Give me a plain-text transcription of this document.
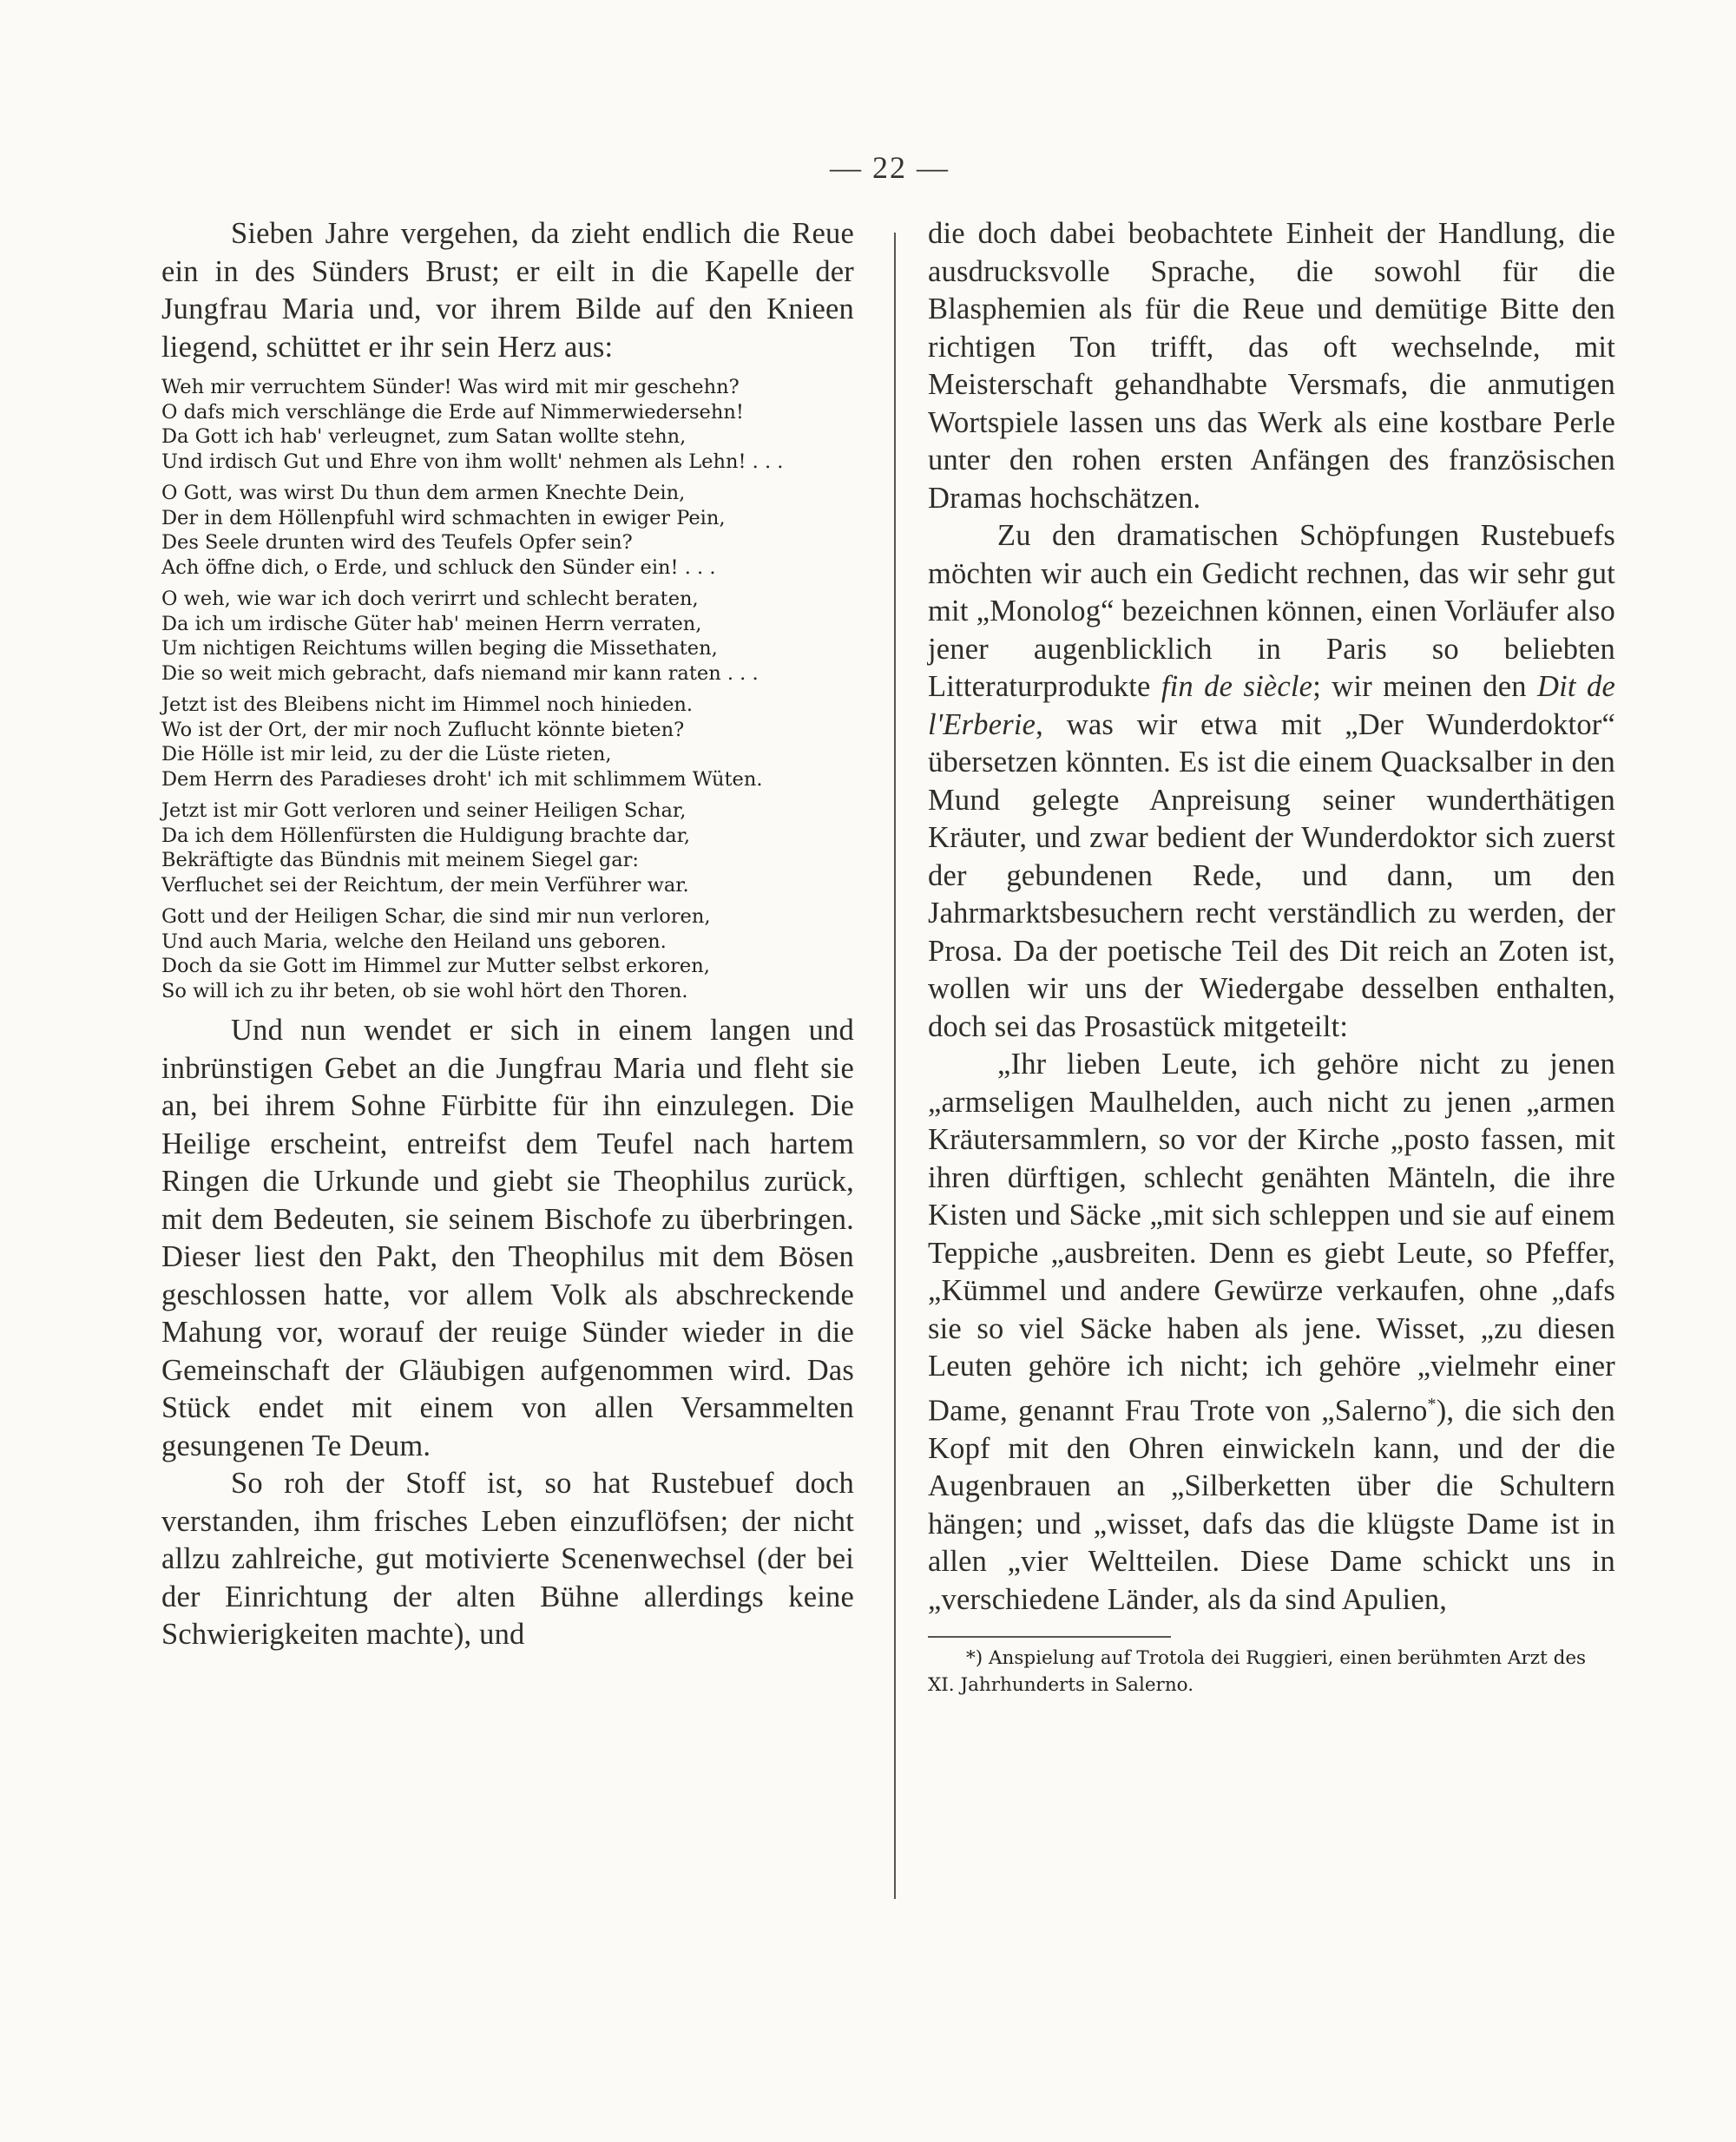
— 22 —

Sieben Jahre vergehen, da zieht endlich die Reue ein in des Sünders Brust; er eilt in die Kapelle der Jungfrau Maria und, vor ihrem Bilde auf den Knieen liegend, schüttet er ihr sein Herz aus:

Weh mir verruchtem Sünder! Was wird mit mir geschehn?
O dafs mich verschlänge die Erde auf Nimmerwiedersehn!
Da Gott ich hab' verleugnet, zum Satan wollte stehn,
Und irdisch Gut und Ehre von ihm wollt' nehmen als Lehn! . . .
O Gott, was wirst Du thun dem armen Knechte Dein,
Der in dem Höllenpfuhl wird schmachten in ewiger Pein,
Des Seele drunten wird des Teufels Opfer sein?
Ach öffne dich, o Erde, und schluck den Sünder ein! . . .
O weh, wie war ich doch verirrt und schlecht beraten,
Da ich um irdische Güter hab' meinen Herrn verraten,
Um nichtigen Reichtums willen beging die Missethaten,
Die so weit mich gebracht, dafs niemand mir kann raten . . .
Jetzt ist des Bleibens nicht im Himmel noch hinieden.
Wo ist der Ort, der mir noch Zuflucht könnte bieten?
Die Hölle ist mir leid, zu der die Lüste rieten,
Dem Herrn des Paradieses droht' ich mit schlimmem Wüten.
Jetzt ist mir Gott verloren und seiner Heiligen Schar,
Da ich dem Höllenfürsten die Huldigung brachte dar,
Bekräftigte das Bündnis mit meinem Siegel gar:
Verfluchet sei der Reichtum, der mein Verführer war.
Gott und der Heiligen Schar, die sind mir nun verloren,
Und auch Maria, welche den Heiland uns geboren.
Doch da sie Gott im Himmel zur Mutter selbst erkoren,
So will ich zu ihr beten, ob sie wohl hört den Thoren.

Und nun wendet er sich in einem langen und inbrünstigen Gebet an die Jungfrau Maria und fleht sie an, bei ihrem Sohne Fürbitte für ihn einzulegen. Die Heilige erscheint, entreifst dem Teufel nach hartem Ringen die Urkunde und giebt sie Theophilus zurück, mit dem Bedeuten, sie seinem Bischofe zu überbringen. Dieser liest den Pakt, den Theophilus mit dem Bösen geschlossen hatte, vor allem Volk als abschreckende Mahung vor, worauf der reuige Sünder wieder in die Gemeinschaft der Gläubigen aufgenommen wird. Das Stück endet mit einem von allen Versammelten gesungenen Te Deum.

So roh der Stoff ist, so hat Rustebuef doch verstanden, ihm frisches Leben einzuflöfsen; der nicht allzu zahlreiche, gut motivierte Scenenwechsel (der bei der Einrichtung der alten Bühne allerdings keine Schwierigkeiten machte), und

die doch dabei beobachtete Einheit der Handlung, die ausdrucksvolle Sprache, die sowohl für die Blasphemien als für die Reue und demütige Bitte den richtigen Ton trifft, das oft wechselnde, mit Meisterschaft gehandhabte Versmafs, die anmutigen Wortspiele lassen uns das Werk als eine kostbare Perle unter den rohen ersten Anfängen des französischen Dramas hochschätzen.

Zu den dramatischen Schöpfungen Rustebuefs möchten wir auch ein Gedicht rechnen, das wir sehr gut mit „Monolog“ bezeichnen können, einen Vorläufer also jener augenblicklich in Paris so beliebten Litteraturprodukte fin de siècle; wir meinen den Dit de l'Erberie, was wir etwa mit „Der Wunderdoktor“ übersetzen könnten. Es ist die einem Quacksalber in den Mund gelegte Anpreisung seiner wunderthätigen Kräuter, und zwar bedient der Wunderdoktor sich zuerst der gebundenen Rede, und dann, um den Jahrmarktsbesuchern recht verständlich zu werden, der Prosa. Da der poetische Teil des Dit reich an Zoten ist, wollen wir uns der Wiedergabe desselben enthalten, doch sei das Prosastück mitgeteilt:

„Ihr lieben Leute, ich gehöre nicht zu jenen „armseligen Maulhelden, auch nicht zu jenen „armen Kräutersammlern, so vor der Kirche „posto fassen, mit ihren dürftigen, schlecht genähten Mänteln, die ihre Kisten und Säcke „mit sich schleppen und sie auf einem Teppiche „ausbreiten. Denn es giebt Leute, so Pfeffer, „Kümmel und andere Gewürze verkaufen, ohne „dafs sie so viel Säcke haben als jene. Wisset, „zu diesen Leuten gehöre ich nicht; ich gehöre „vielmehr einer Dame, genannt Frau Trote von „Salerno*), die sich den Kopf mit den Ohren einwickeln kann, und der die Augenbrauen an „Silberketten über die Schultern hängen; und „wisset, dafs das die klügste Dame ist in allen „vier Weltteilen. Diese Dame schickt uns in „verschiedene Länder, als da sind Apulien,

*) Anspielung auf Trotola dei Ruggieri, einen berühmten Arzt des XI. Jahrhunderts in Salerno.
